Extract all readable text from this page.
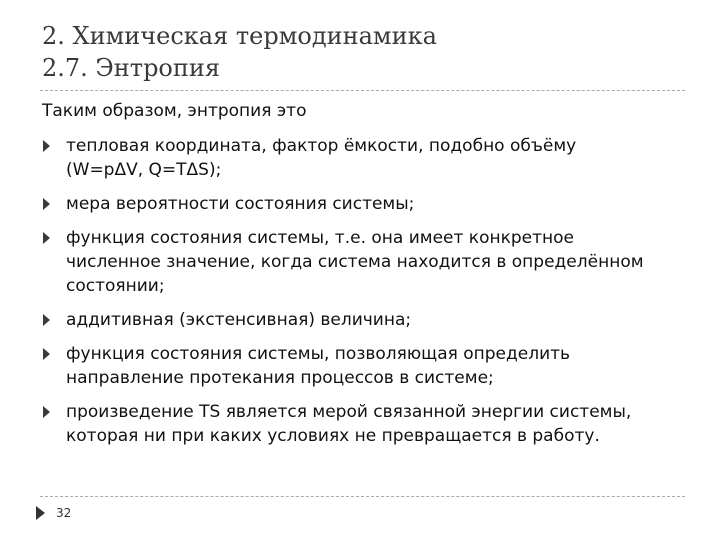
2. Химическая термодинамика
2.7. Энтропия

Таким образом, энтропия это

тепловая координата, фактор ёмкости, подобно объёму
(W=pΔV, Q=TΔS);
мера вероятности состояния системы;
функция состояния системы, т.е. она имеет конкретное
численное значение, когда система находится в определённом
состоянии;
аддитивная (экстенсивная) величина;
функция состояния системы, позволяющая определить
направление протекания процессов в системе;
произведение TS является мерой связанной энергии системы,
которая ни при каких условиях не превращается в работу.
32
